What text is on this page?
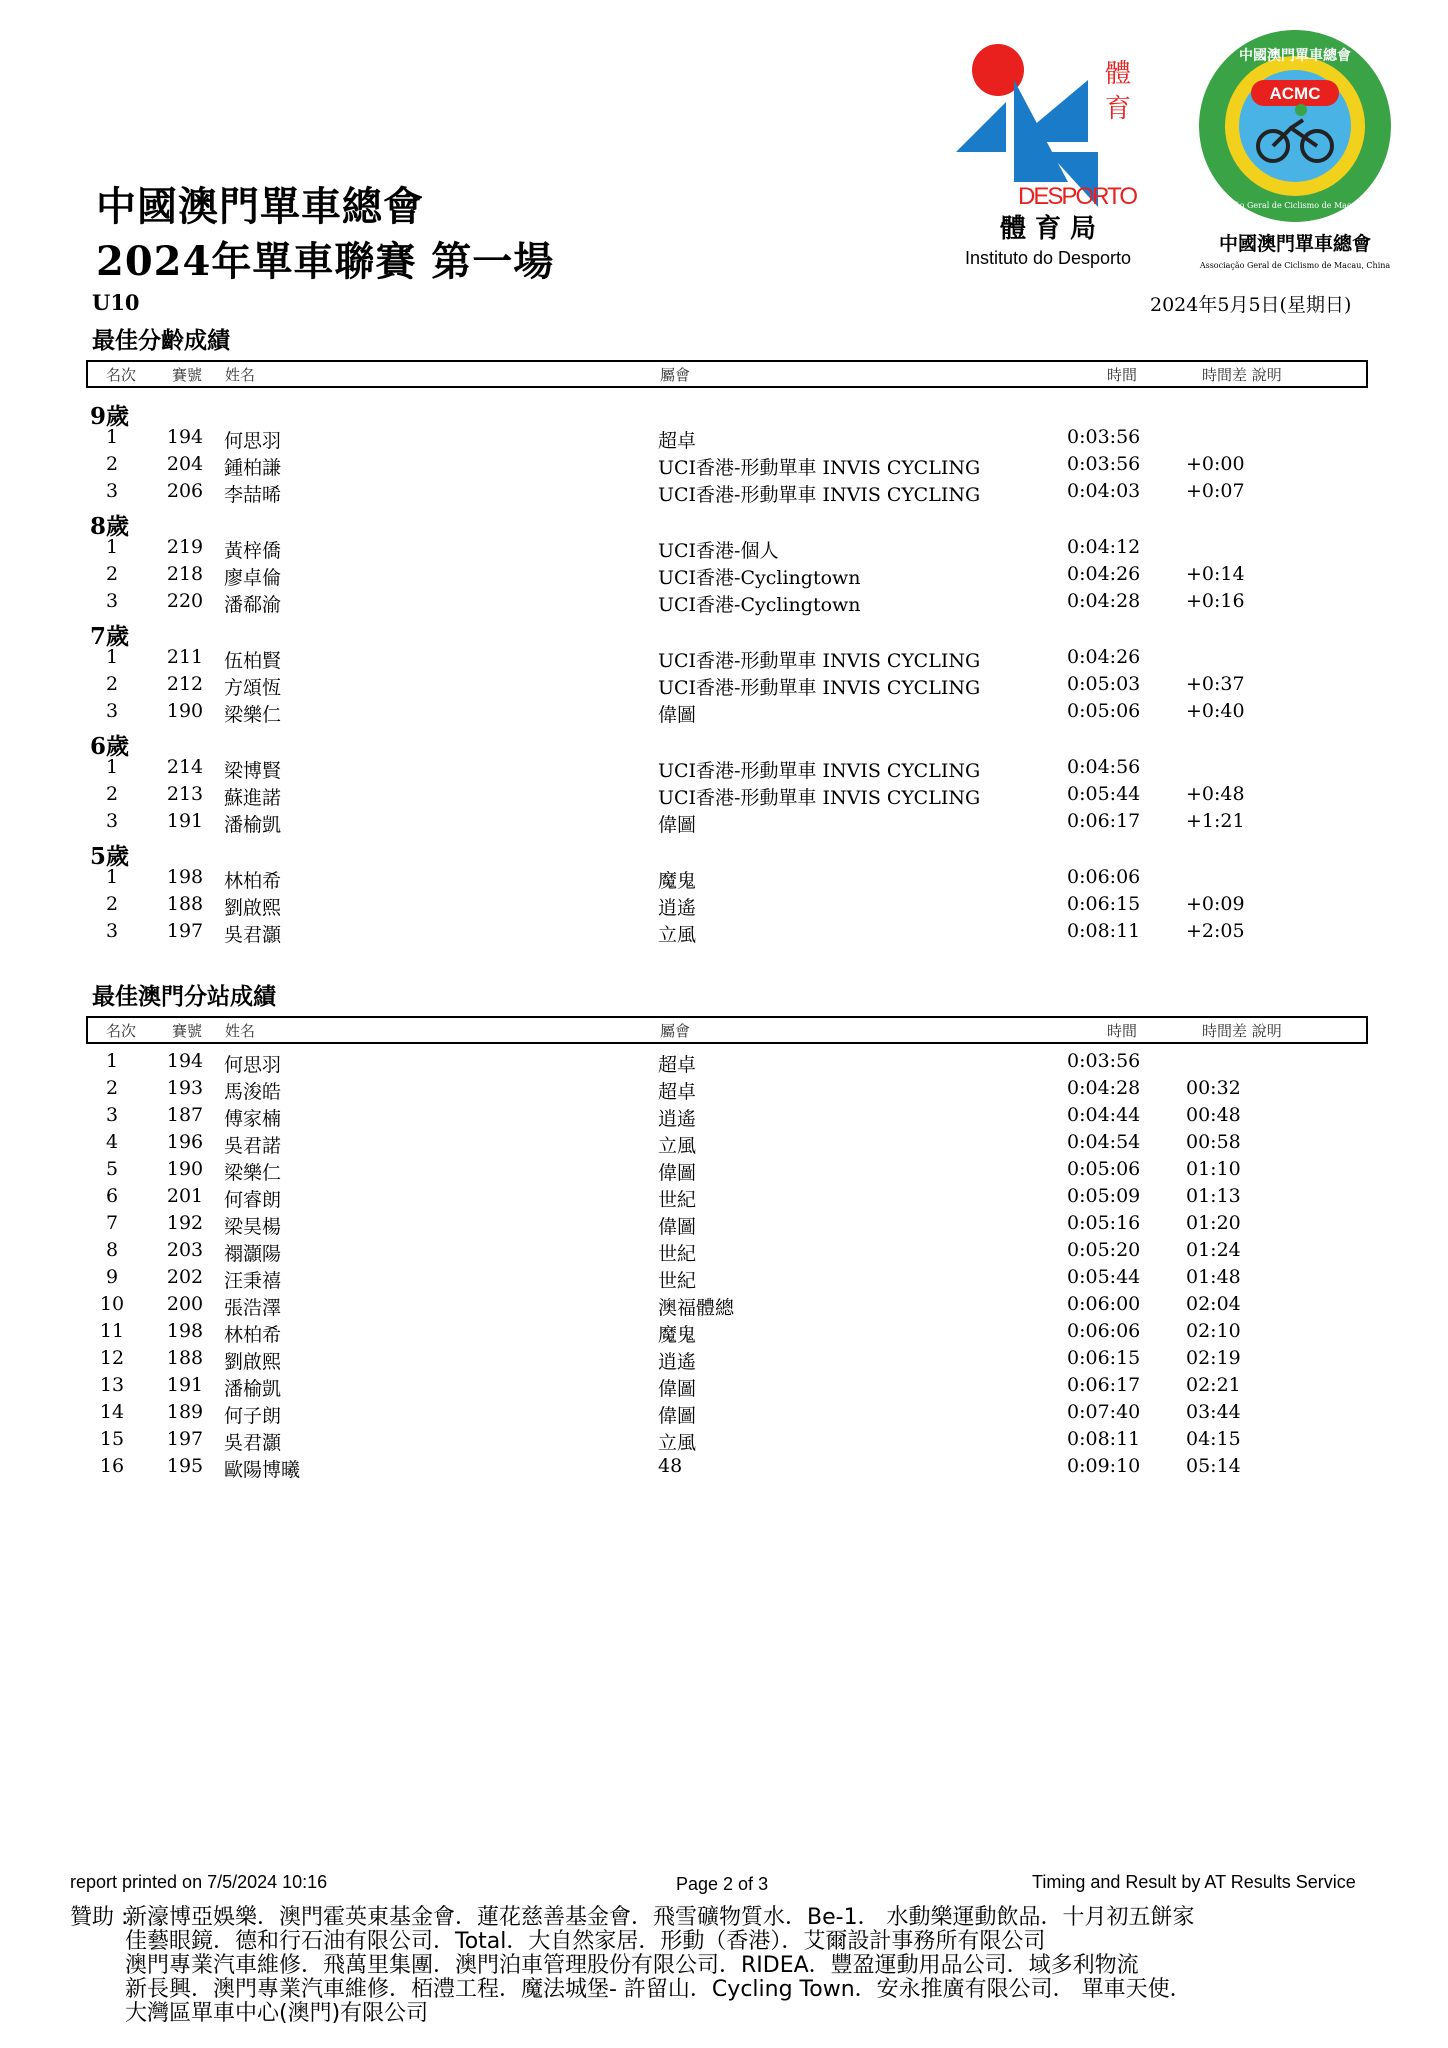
中國澳門單車總會
2024年單車聯賽 第一場
U10	2024年5月5日(星期日)
體
育
DESPORTO
體 育 局
Instituto do Desporto
中國澳門單車總會
ACMC
Associação Geral de Ciclismo de Macau, China
中國澳門單車總會
Associação Geral de Ciclismo de Macau, China
最佳分齡成績
名次 賽號 姓名	屬會	時間	時間差 說明
9歲
1	194	何思羽	超卓	0:03:56
2	204	鍾柏謙	UCI香港-形動單車 INVIS CYCLING	0:03:56 +0:00
3	206	李喆晞	UCI香港-形動單車 INVIS CYCLING	0:04:03 +0:07
8歲
1	219	黃梓僑	UCI香港-個人	0:04:12
2	218	廖卓倫	UCI香港-Cyclingtown	0:04:26 +0:14
3	220	潘郗渝	UCI香港-Cyclingtown	0:04:28 +0:16
7歲
1	211	伍柏賢	UCI香港-形動單車 INVIS CYCLING	0:04:26
2	212	方頌恆	UCI香港-形動單車 INVIS CYCLING	0:05:03 +0:37
3	190	梁樂仁	偉圖	0:05:06 +0:40
6歲
1	214	梁博賢	UCI香港-形動單車 INVIS CYCLING	0:04:56
2	213	蘇進諾	UCI香港-形動單車 INVIS CYCLING	0:05:44 +0:48
3	191	潘榆凱	偉圖	0:06:17 +1:21
5歲
1	198	林柏希	魔鬼	0:06:06
2	188	劉啟熙	逍遙	0:06:15 +0:09
3	197	吳君灝	立風	0:08:11 +2:05
最佳澳門分站成績
名次 賽號 姓名	屬會	時間	時間差 說明
1	194	何思羽	超卓	0:03:56
2	193	馬浚皓	超卓	0:04:28 00:32
3	187	傅家楠	逍遙	0:04:44 00:48
4	196	吳君諾	立風	0:04:54 00:58
5	190	梁樂仁	偉圖	0:05:06 01:10
6	201	何睿朗	世紀	0:05:09 01:13
7	192	梁昊楊	偉圖	0:05:16 01:20
8	203	禤灝陽	世紀	0:05:20 01:24
9	202	汪秉禧	世紀	0:05:44 01:48
10	200	張浩澤	澳福體總	0:06:00 02:04
11	198	林柏希	魔鬼	0:06:06 02:10
12	188	劉啟熙	逍遙	0:06:15 02:19
13	191	潘榆凱	偉圖	0:06:17 02:21
14	189	何子朗	偉圖	0:07:40 03:44
15	197	吳君灝	立風	0:08:11 04:15
16	195	歐陽博曦	48	0:09:10 05:14
report printed on 7/5/2024 10:16	Page 2 of 3	Timing and Result by AT Results Service
贊助 :
新濠博亞娛樂．澳門霍英東基金會．蓮花慈善基金會．飛雪礦物質水．Be-1． 水動樂運動飲品．十月初五餅家
佳藝眼鏡．德和行石油有限公司．Total．大自然家居．形動（香港）．艾爾設計事務所有限公司
澳門專業汽車維修．飛萬里集團．澳門泊車管理股份有限公司．RIDEA．豐盈運動用品公司．域多利物流
新長興．澳門專業汽車維修．栢澧工程．魔法城堡- 許留山．Cycling Town．安永推廣有限公司． 單車天使．
大灣區單車中心(澳門)有限公司
